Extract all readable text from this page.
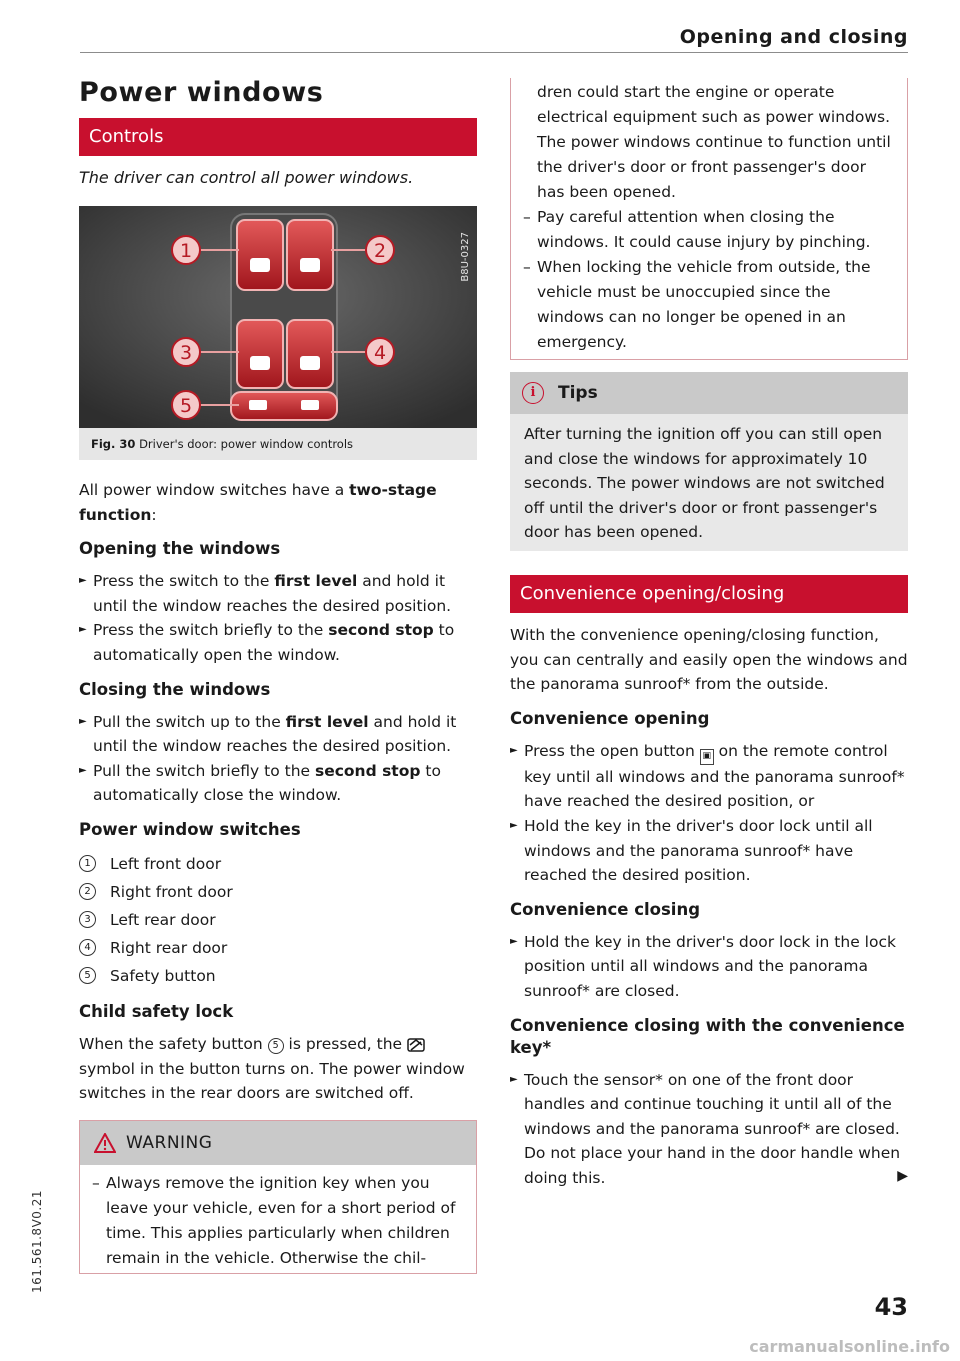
Opening and closing
Power windows
Controls
The driver can control all power windows.
1	2
3	4
5
B8U-0327
Fig. 30 Driver's door: power window controls

All power window switches have a two-stage function:

Opening the windows
► Press the switch to the first level and hold it until the window reaches the desired position.
► Press the switch briefly to the second stop to automatically open the window.
Closing the windows
► Pull the switch up to the first level and hold it until the window reaches the desired position.
► Pull the switch briefly to the second stop to automatically close the window.
Power window switches
1	Left front door
2	Right front door
3	Left rear door
4	Right rear door
5	Safety button
Child safety lock

When the safety button 5 is pressed, the  symbol in the button turns on. The power window switches in the rear doors are switched off.

WARNING
– Always remove the ignition key when you leave your vehicle, even for a short period of time. This applies particularly when children remain in the vehicle. Otherwise the chil-
dren could start the engine or operate electrical equipment such as power windows. The power windows continue to function until the driver's door or front passenger's door has been opened.
– Pay careful attention when closing the windows. It could cause injury by pinching.
– When locking the vehicle from outside, the vehicle must be unoccupied since the windows can no longer be opened in an emergency.
i	Tips
After turning the ignition off you can still open and close the windows for approximately 10 seconds. The power windows are not switched off until the driver's door or front passenger's door has been opened.
Convenience opening/closing

With the convenience opening/closing function, you can centrally and easily open the windows and the panorama sunroof* from the outside.

Convenience opening
► Press the open button ▣ on the remote control key until all windows and the panorama sunroof* have reached the desired position, or
► Hold the key in the driver's door lock until all windows and the panorama sunroof* have reached the desired position.
Convenience closing
► Hold the key in the driver's door lock in the lock position until all windows and the panorama sunroof* are closed.
Convenience closing with the convenience key*
► Touch the sensor* on one of the front door handles and continue touching it until all of the windows and the panorama sunroof* are closed. Do not place your hand in the door handle when doing this.	▶
43
161.561.8V0.21
carmanualsonline.info
